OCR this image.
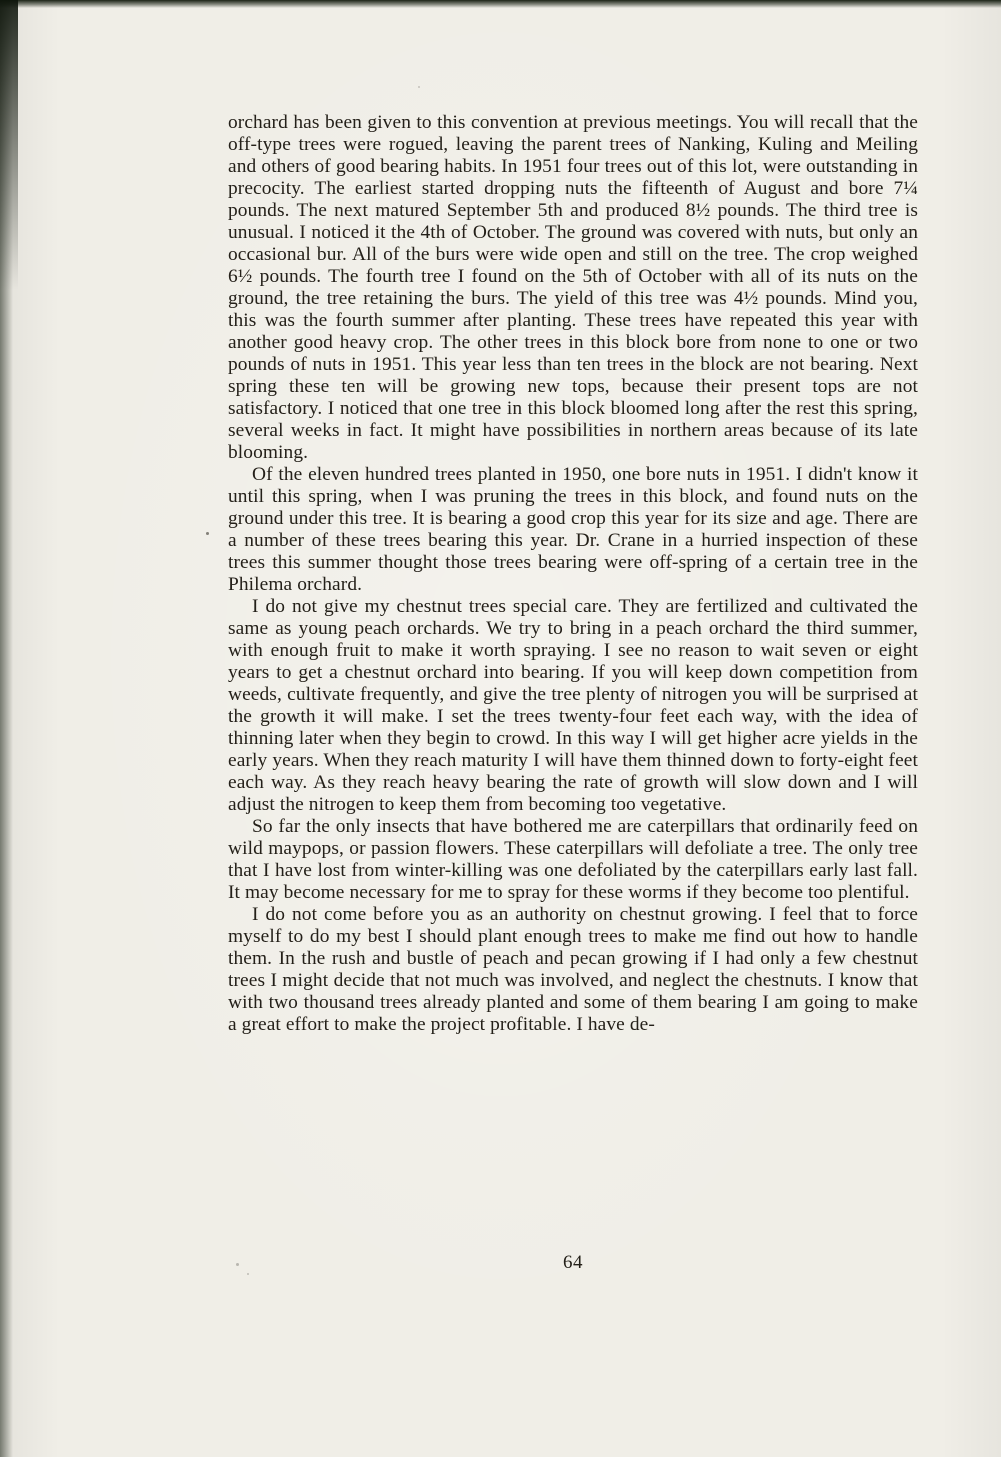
orchard has been given to this convention at previous meetings. You will recall that the off-type trees were rogued, leaving the parent trees of Nanking, Kuling and Meiling and others of good bearing habits. In 1951 four trees out of this lot, were outstanding in precocity. The earliest started dropping nuts the fifteenth of August and bore 7¼ pounds. The next matured September 5th and produced 8½ pounds. The third tree is unusual. I noticed it the 4th of October. The ground was covered with nuts, but only an occasional bur. All of the burs were wide open and still on the tree. The crop weighed 6½ pounds. The fourth tree I found on the 5th of October with all of its nuts on the ground, the tree retaining the burs. The yield of this tree was 4½ pounds. Mind you, this was the fourth summer after planting. These trees have repeated this year with another good heavy crop. The other trees in this block bore from none to one or two pounds of nuts in 1951. This year less than ten trees in the block are not bearing. Next spring these ten will be growing new tops, because their present tops are not satisfactory. I noticed that one tree in this block bloomed long after the rest this spring, several weeks in fact. It might have possibilities in northern areas because of its late blooming.

Of the eleven hundred trees planted in 1950, one bore nuts in 1951. I didn't know it until this spring, when I was pruning the trees in this block, and found nuts on the ground under this tree. It is bearing a good crop this year for its size and age. There are a number of these trees bearing this year. Dr. Crane in a hurried inspection of these trees this summer thought those trees bearing were off-spring of a certain tree in the Philema orchard.

I do not give my chestnut trees special care. They are fertilized and cultivated the same as young peach orchards. We try to bring in a peach orchard the third summer, with enough fruit to make it worth spraying. I see no reason to wait seven or eight years to get a chestnut orchard into bearing. If you will keep down competition from weeds, cultivate frequently, and give the tree plenty of nitrogen you will be surprised at the growth it will make. I set the trees twenty-four feet each way, with the idea of thinning later when they begin to crowd. In this way I will get higher acre yields in the early years. When they reach maturity I will have them thinned down to forty-eight feet each way. As they reach heavy bearing the rate of growth will slow down and I will adjust the nitrogen to keep them from becoming too vegetative.

So far the only insects that have bothered me are caterpillars that ordinarily feed on wild maypops, or passion flowers. These caterpillars will defoliate a tree. The only tree that I have lost from winter-killing was one defoliated by the caterpillars early last fall. It may become necessary for me to spray for these worms if they become too plentiful.

I do not come before you as an authority on chestnut growing. I feel that to force myself to do my best I should plant enough trees to make me find out how to handle them. In the rush and bustle of peach and pecan growing if I had only a few chestnut trees I might decide that not much was involved, and neglect the chestnuts. I know that with two thousand trees already planted and some of them bearing I am going to make a great effort to make the project profitable. I have de-

64
